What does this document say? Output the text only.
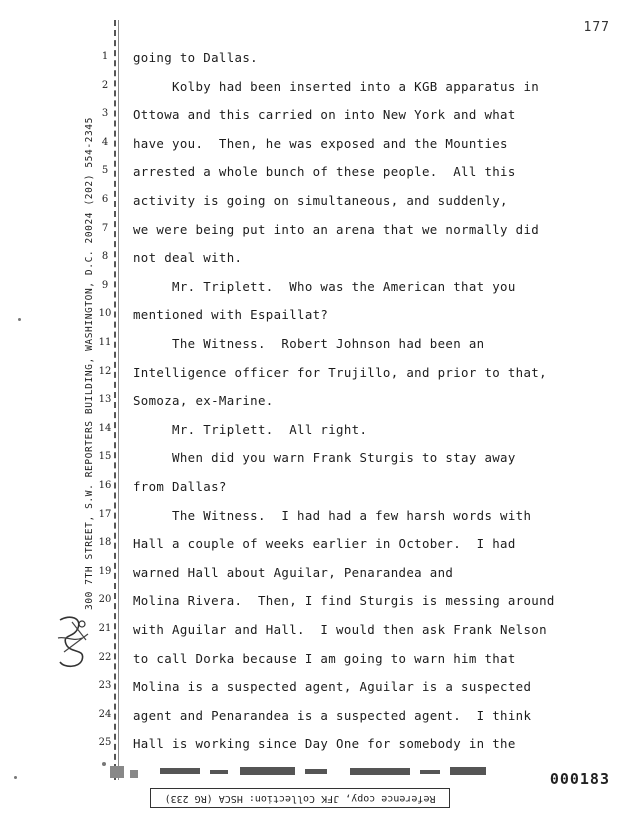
177
300 7TH STREET, S.W. REPORTERS BUILDING, WASHINGTON, D.C. 20024 (202) 554-2345
1	going to Dallas.
2	Kolby had been inserted into a KGB apparatus in
3	Ottowa and this carried on into New York and what
4	have you.  Then, he was exposed and the Mounties
5	arrested a whole bunch of these people.  All this
6	activity is going on simultaneous, and suddenly,
7	we were being put into an arena that we normally did
8	not deal with.
9	Mr. Triplett.  Who was the American that you
10 mentioned with Espaillat?
11 The Witness.  Robert Johnson had been an
12 Intelligence officer for Trujillo, and prior to that,
13 Somoza, ex-Marine.
14 Mr. Triplett.  All right.
15 When did you warn Frank Sturgis to stay away
16 from Dallas?
17 The Witness.  I had had a few harsh words with
18 Hall a couple of weeks earlier in October.  I had
19 warned Hall about Aguilar, Penarandea and
20 Molina Rivera.  Then, I find Sturgis is messing around
21 with Aguilar and Hall.  I would then ask Frank Nelson
22 to call Dorka because I am going to warn him that
23 Molina is a suspected agent, Aguilar is a suspected
24 agent and Penarandea is a suspected agent.  I think
25 Hall is working since Day One for somebody in the
000183
Reference copy, JFK Collection: HSCA (RG 233)
